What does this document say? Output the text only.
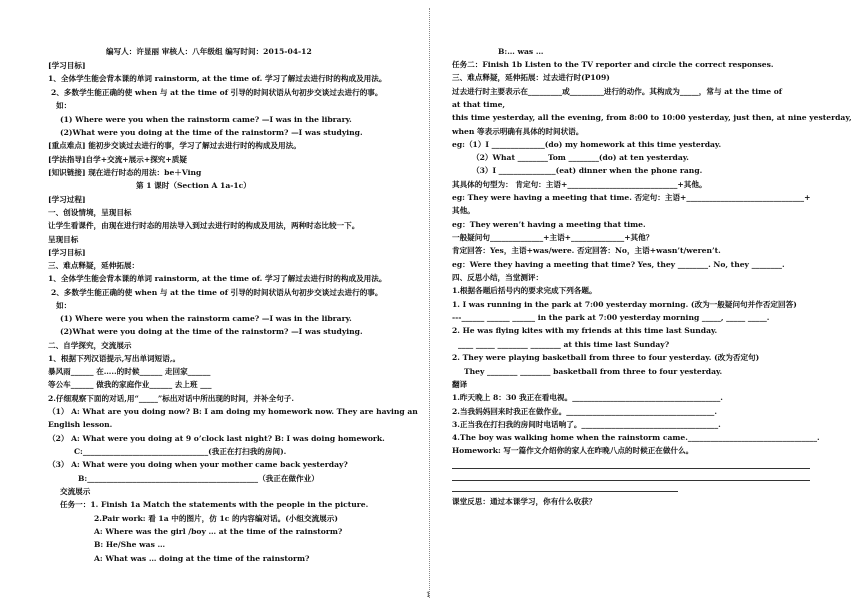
编写人：许显丽 审核人：八年级组 编写时间：2015-04-12
[学习目标]
1、全体学生能会背本课的单词 rainstorm, at the time of. 学习了解过去进行时的构成及用法。
2、多数学生能正确的使 when 与 at the time of 引导的时间状语从句初步交谈过去进行的事。
如：
(1) Where were you when the rainstorm came? —I was in the library.
(2)What were you doing at the time of the rainstorm? —I was studying.
[重点难点] 能初步交谈过去进行的事，学习了解过去进行时的构成及用法。
[学法指导]自学+交流+展示+探究+质疑
[知识链接] 现在进行时态的用法：be＋Ving
第 1 课时（Section A 1a-1c）
[学习过程]
一、创设情境，呈现目标
让学生看课件，由现在进行时态的用法导入到过去进行时的构成及用法，两种时态比较一下。
呈现目标
[学习目标]
三、难点释疑，延伸拓展：
1、全体学生能会背本课的单词 rainstorm, at the time of. 学习了解过去进行时的构成及用法。
2、多数学生能正确的使 when 与 at the time of 引导的时间状语从句初步交谈过去进行的事。
如：
(1) Where were you when the rainstorm came? —I was in the library.
(2)What were you doing at the time of the rainstorm? —I was studying.
二、自学探究，交流展示
1、根据下列汉语提示,写出单词短语,。
暴风雨______ 在…..的时候______ 走回家______
等公车______ 做我的家庭作业______ 去上班 ___
2.仔细观察下面的对话,用“_____”标出对话中所出现的时间，并补全句子.
（1） A: What are you doing now? B: I am doing my homework now. They are having an
English lesson.
（2） A: What were you doing at 9 o’clock last night? B: I was doing homework.
C:_________________________________(我正在打扫我的房间).
（3） A: What were you doing when your mother came back yesterday?
B:_____________________________________________（我正在做作业）
交流展示
任务一：1. Finish 1a Match the statements with the people in the picture.
2.Pair work: 看 1a 中的图片，仿 1c 的内容编对话。(小组交流展示)
A: Where was the girl /boy … at the time of the rainstorm?
B: He/She was …
A: What was … doing at the time of the rainstorm?
B:… was …
任务二：Finish 1b Listen to the TV reporter and circle the correct responses.
三、难点释疑，延伸拓展：过去进行时(P109)
过去进行时主要表示在_________或_________进行的动作。其构成为_____，常与 at the time of
at that time,
this time yesterday, all the evening, from 8:00 to 10:00 yesterday, just then, at nine yesterday,
when 等表示明确有具体的时间状语。
eg:（1）I ______________(do) my homework at this time yesterday.
（2）What ________Tom ________(do) at ten yesterday.
（3）I _______________(eat) dinner when the phone rang.
其具体的句型为： 肯定句：主语+_____________________________+其他。
eg: They were having a meeting that time. 否定句：主语+_______________________________+
其他。
eg：They weren’t having a meeting that time.
一般疑问句______________+主语+______________+其他？
肯定回答：Yes，主语+was/were. 否定回答：No，主语+wasn’t/weren’t.
eg：Were they having a meeting that time? Yes, they ________. No, they ________.
四、反思小结，当堂测评：
1.根据各题后括号内的要求完成下列各题。
1. I was running in the park at 7:00 yesterday morning. (改为一般疑问句并作否定回答)
---______ ______ ______ in the park at 7:00 yesterday morning _____, _____ _____.
2. He was flying kites with my friends at this time last Sunday.
____ _____ ________ ________ at this time last Sunday?
2. They were playing basketball from three to four yesterday. (改为否定句)
They ________ ________ basketball from three to four yesterday.
翻译
1.昨天晚上 8：30 我正在看电视。_______________________________________.
2.当我妈妈回来时我正在做作业。_______________________________________.
3.正当我在打扫我的房间时电话响了。____________________________________.
4.The boy was walking home when the rainstorm came.__________________________________.
Homework: 写一篇作文介绍你的家人在昨晚八点的时候正在做什么。
课堂反思：通过本课学习，你有什么收获？
1
